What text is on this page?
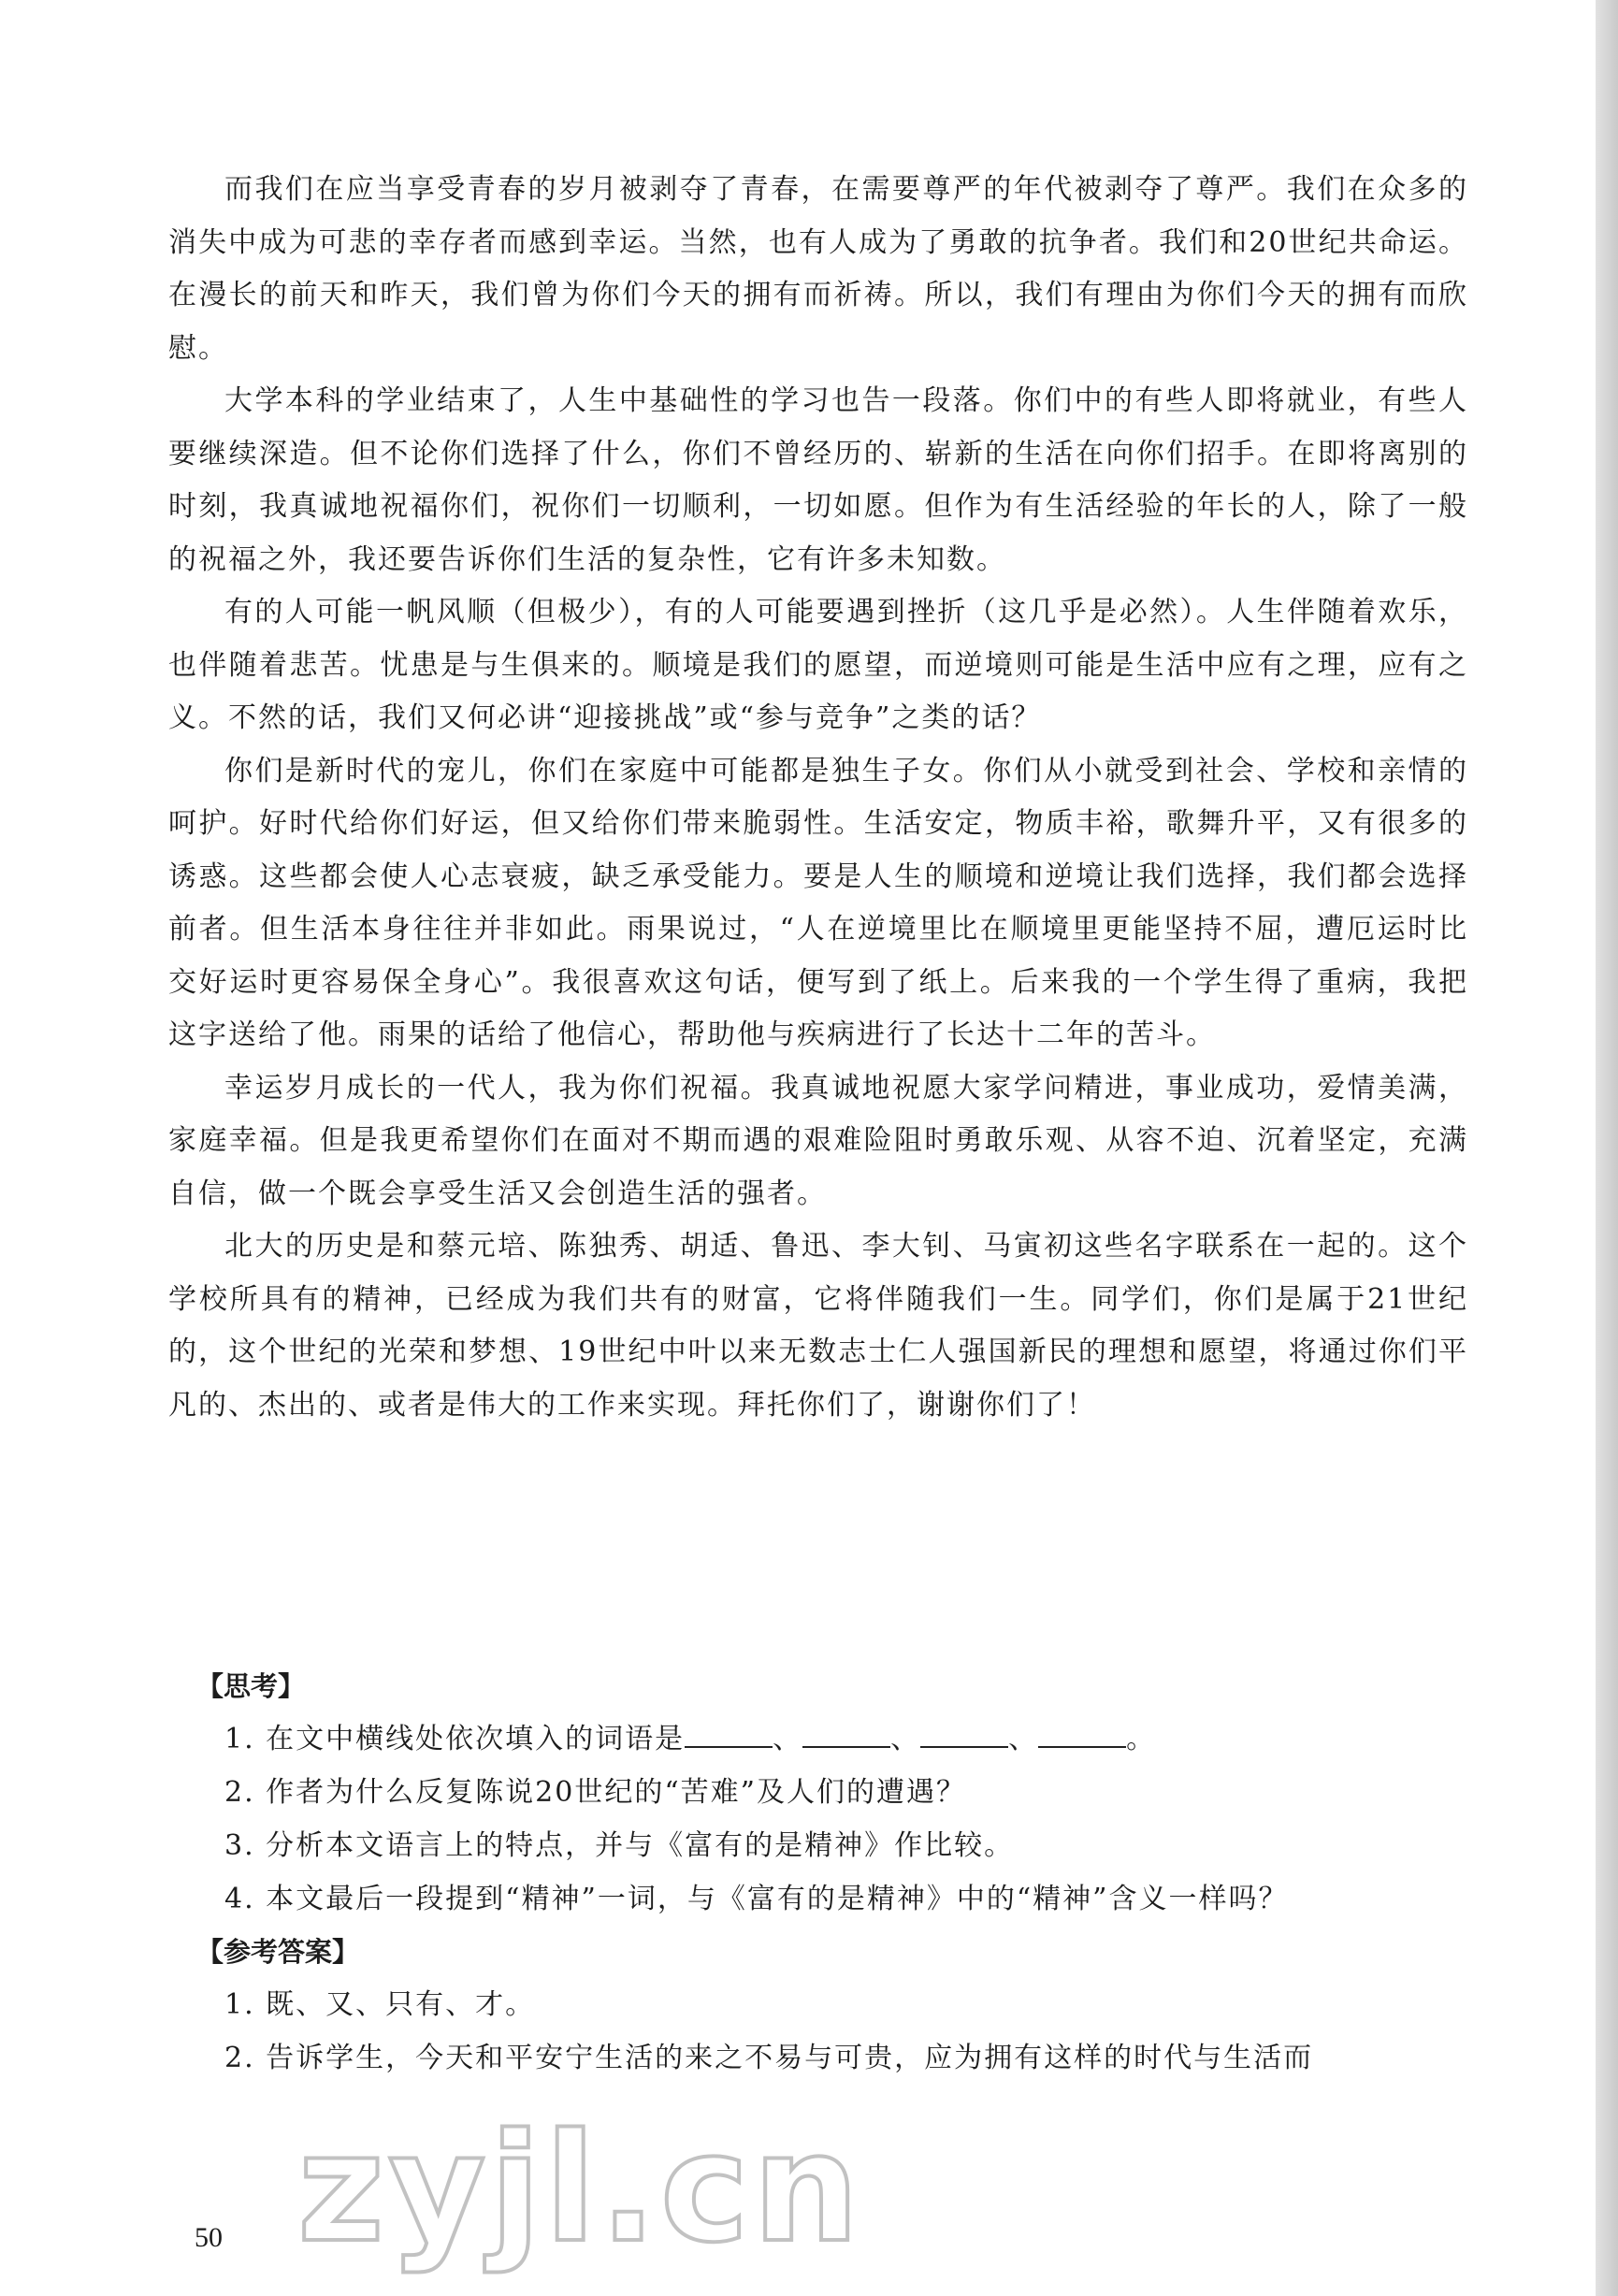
而我们在应当享受青春的岁月被剥夺了青春，在需要尊严的年代被剥夺了尊严。我们在众多的消失中成为可悲的幸存者而感到幸运。当然，也有人成为了勇敢的抗争者。我们和20世纪共命运。在漫长的前天和昨天，我们曾为你们今天的拥有而祈祷。所以，我们有理由为你们今天的拥有而欣慰。

大学本科的学业结束了，人生中基础性的学习也告一段落。你们中的有些人即将就业，有些人要继续深造。但不论你们选择了什么，你们不曾经历的、崭新的生活在向你们招手。在即将离别的时刻，我真诚地祝福你们，祝你们一切顺利，一切如愿。但作为有生活经验的年长的人，除了一般的祝福之外，我还要告诉你们生活的复杂性，它有许多未知数。

有的人可能一帆风顺（但极少），有的人可能要遇到挫折（这几乎是必然）。人生伴随着欢乐，也伴随着悲苦。忧患是与生俱来的。顺境是我们的愿望，而逆境则可能是生活中应有之理，应有之义。不然的话，我们又何必讲“迎接挑战”或“参与竞争”之类的话？

你们是新时代的宠儿，你们在家庭中可能都是独生子女。你们从小就受到社会、学校和亲情的呵护。好时代给你们好运，但又给你们带来脆弱性。生活安定，物质丰裕，歌舞升平，又有很多的诱惑。这些都会使人心志衰疲，缺乏承受能力。要是人生的顺境和逆境让我们选择，我们都会选择前者。但生活本身往往并非如此。雨果说过，“人在逆境里比在顺境里更能坚持不屈，遭厄运时比交好运时更容易保全身心”。我很喜欢这句话，便写到了纸上。后来我的一个学生得了重病，我把这字送给了他。雨果的话给了他信心，帮助他与疾病进行了长达十二年的苦斗。

幸运岁月成长的一代人，我为你们祝福。我真诚地祝愿大家学问精进，事业成功，爱情美满，家庭幸福。但是我更希望你们在面对不期而遇的艰难险阻时勇敢乐观、从容不迫、沉着坚定，充满自信，做一个既会享受生活又会创造生活的强者。

北大的历史是和蔡元培、陈独秀、胡适、鲁迅、李大钊、马寅初这些名字联系在一起的。这个学校所具有的精神，已经成为我们共有的财富，它将伴随我们一生。同学们，你们是属于21世纪的，这个世纪的光荣和梦想、19世纪中叶以来无数志士仁人强国新民的理想和愿望，将通过你们平凡的、杰出的、或者是伟大的工作来实现。拜托你们了，谢谢你们了！

【思考】

1. 在文中横线处依次填入的词语是	、	、	、	。

2. 作者为什么反复陈说20世纪的“苦难”及人们的遭遇？

3. 分析本文语言上的特点，并与《富有的是精神》作比较。

4. 本文最后一段提到“精神”一词，与《富有的是精神》中的“精神”含义一样吗？

【参考答案】

1. 既、又、只有、才。

2. 告诉学生，今天和平安宁生活的来之不易与可贵，应为拥有这样的时代与生活而

zyjl.cn
50
